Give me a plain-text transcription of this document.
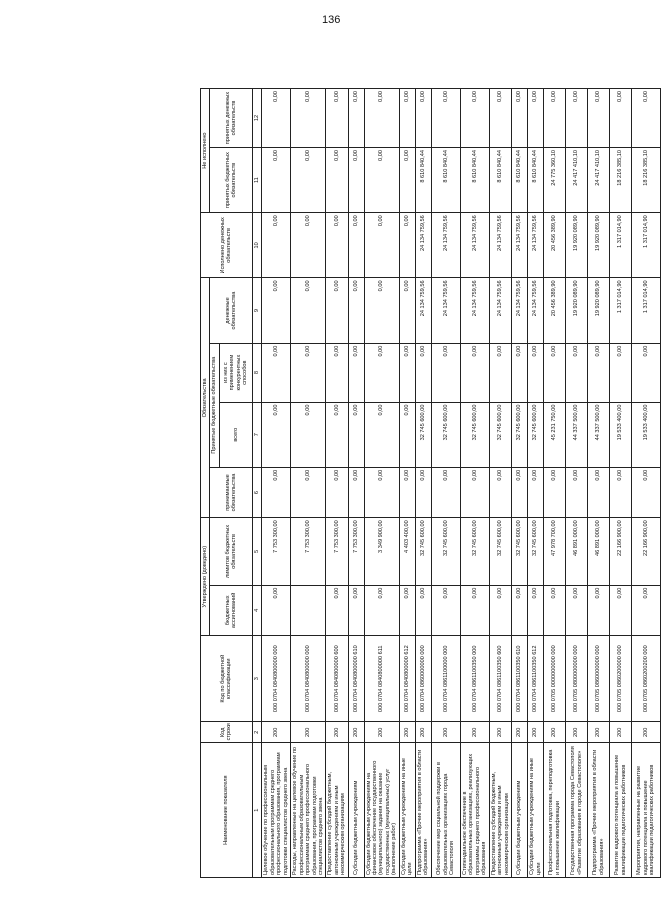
136
Наименование показателя	Код строки	Код по бюджетной классификации	Утверждено (доведено)		Обязательства				Исполнено денежных обязательств	Не исполнено	
			бюджетных ассигнований	лимитов бюджетных обязательств	принимаемые обязательства	Принятые бюджетные обязательства		денежные обязательства		принятых бюджетных обязательств	принятых денежных обязательств
						всего	из них с применением конкурентных способов				
1	2	3	4	5	6	7	8	9	10	11	12
Целевое обучение по профессиональным образовательным программам среднего профессионального образования, программам подготовки специалистов среднего звена	200	000 0704 0840800000 000	0,00	7 753 300,00	0,00	0,00	0,00	0,00	0,00	0,00	0,00
Расходы, направленные на целевое обучение по профессиональным образовательным программам среднего профессионального образования, программам подготовки специалистов среднего звена	200	000 0704 0840800000 000		7 753 300,00	0,00	0,00	0,00	0,00	0,00	0,00	0,00
Предоставление субсидий бюджетным, автономным учреждениям и иным некоммерческим организациям	200	000 0704 0840800000 600	0,00	7 753 300,00	0,00	0,00	0,00	0,00	0,00	0,00	0,00
Субсидии бюджетным учреждениям	200	000 0704 0840800000 610	0,00	7 753 300,00	0,00	0,00	0,00	0,00	0,00	0,00	0,00
Субсидии бюджетным учреждениям на финансовое обеспечение государственного (муниципального) задания на оказание государственных (муниципальных) услуг (выполнение работ)	200	000 0704 0840800000 611	0,00	3 349 900,00	0,00	0,00	0,00	0,00	0,00	0,00	0,00
Субсидии бюджетным учреждениям на иные цели	200	000 0704 0840800000 612	0,00	4 403 400,00	0,00	0,00	0,00	0,00	0,00	0,00	0,00
Подпрограмма «Прочие мероприятия в области образования»	200	000 0704 0860000000 000	0,00	32 745 600,00	0,00	32 745 600,00	0,00	24 134 759,56	24 134 759,56	8 610 840,44	0,00
Обеспечение мер социальной поддержки в образовательных организациях города Севастополя	200	000 0704 0861100000 000	0,00	32 745 600,00	0,00	32 745 600,00	0,00	24 134 759,56	24 134 759,56	8 610 840,44	0,00
Стипендиальное обеспечение в образовательных организациях, реализующих программы среднего профессионального образования	200	000 0704 0861100350 000	0,00	32 745 600,00	0,00	32 745 600,00	0,00	24 134 759,56	24 134 759,56	8 610 840,44	0,00
Предоставление субсидий бюджетным, автономным учреждениям и иным некоммерческим организациям	200	000 0704 0861100350 600	0,00	32 745 600,00	0,00	32 745 600,00	0,00	24 134 759,56	24 134 759,56	8 610 840,44	0,00
Субсидии бюджетным учреждениям	200	000 0704 0861100350 610	0,00	32 745 600,00	0,00	32 745 600,00	0,00	24 134 759,56	24 134 759,56	8 610 840,44	0,00
Субсидии бюджетным учреждениям на иные цели	200	000 0704 0861100350 612	0,00	32 745 600,00	0,00	32 745 600,00	0,00	24 134 759,56	24 134 759,56	8 610 840,44	0,00
Профессиональная подготовка, переподготовка и повышение квалификации	200	000 0705 0000000000 000	0,00	47 978 700,00	0,00	45 231 750,00	0,00	20 456 389,90	20 456 389,90	24 775 360,10	0,00
Государственная программа города Севастополя «Развитие образования в городе Севастополе»	200	000 0705 0800000000 000	0,00	46 891 000,00	0,00	44 337 500,00	0,00	19 920 089,90	19 920 089,90	24 417 410,10	0,00
Подпрограмма «Прочие мероприятия в области образования»	200	000 0705 0860000000 000	0,00	46 891 000,00	0,00	44 337 500,00	0,00	19 920 089,90	19 920 089,90	24 417 410,10	0,00
Развитие кадрового потенциала и повышение квалификации педагогических работников	200	000 0705 0860200000 000	0,00	22 166 900,00	0,00	19 533 400,00	0,00	1 317 014,90	1 317 014,90	18 216 385,10	0,00
Мероприятия, направленные на развитие кадрового потенциала и повышение квалификации педагогических работников	200	000 0705 0860200200 000	0,00	22 166 900,00	0,00	19 533 400,00	0,00	1 317 014,90	1 317 014,90	18 216 385,10	0,00
